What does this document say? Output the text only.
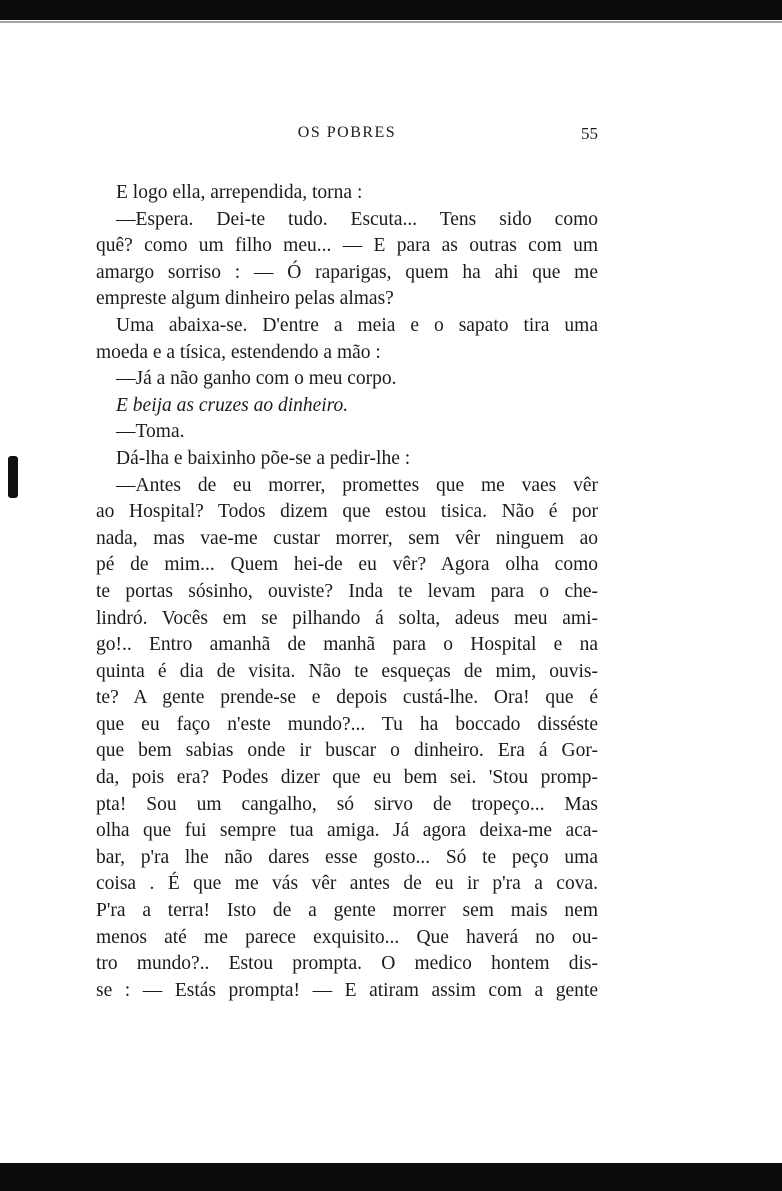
OS POBRES	55
E logo ella, arrependida, torna :
—Espera. Dei-te tudo. Escuta... Tens sido como
quê? como um filho meu... — E para as outras com um
amargo sorriso : — Ó raparigas, quem ha ahi que me
empreste algum dinheiro pelas almas?
Uma abaixa-se. D'entre a meia e o sapato tira uma
moeda e a tísica, estendendo a mão :
—Já a não ganho com o meu corpo.
E beija as cruzes ao dinheiro.
—Toma.
Dá-lha e baixinho põe-se a pedir-lhe :
—Antes de eu morrer, promettes que me vaes vêr
ao Hospital? Todos dizem que estou tisica. Não é por
nada, mas vae-me custar morrer, sem vêr ninguem ao
pé de mim... Quem hei-de eu vêr? Agora olha como
te portas sósinho, ouviste? Inda te levam para o che-
lindró. Vocês em se pilhando á solta, adeus meu ami-
go!.. Entro amanhã de manhã para o Hospital e na
quinta é dia de visita. Não te esqueças de mim, ouvis-
te? A gente prende-se e depois custá-lhe. Ora! que é
que eu faço n'este mundo?... Tu ha boccado disséste
que bem sabias onde ir buscar o dinheiro. Era á Gor-
da, pois era? Podes dizer que eu bem sei. 'Stou promp-
pta! Sou um cangalho, só sirvo de tropeço... Mas
olha que fui sempre tua amiga. Já agora deixa-me aca-
bar, p'ra lhe não dares esse gosto... Só te peço uma
coisa . É que me vás vêr antes de eu ir p'ra a cova.
P'ra a terra! Isto de a gente morrer sem mais nem
menos até me parece exquisito... Que haverá no ou-
tro mundo?.. Estou prompta. O medico hontem dis-
se : — Estás prompta! — E atiram assim com a gente
